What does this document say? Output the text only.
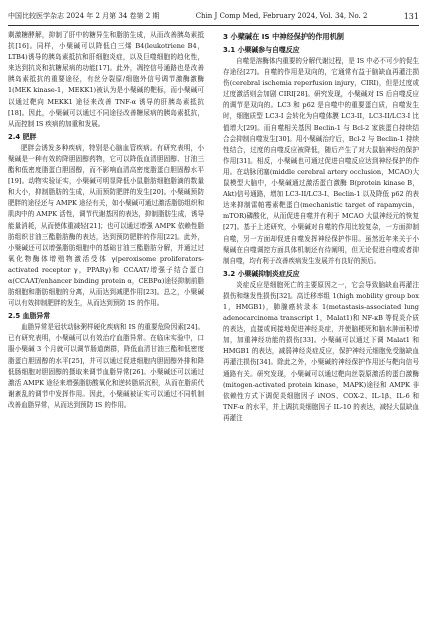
中国比较医学杂志 2024 年 2 月第 34 卷第 2 期	Chin J Comp Med, February 2024, Vol. 34, No. 2	131

剩激糖酵解，抑制了肝中的糖异生和脂肪生成，从而改善胰岛素抵抗[16]。同样，小檗碱可以降低白三烯 B4(leukotriene B4，LTB4)诱导的胰岛素抵抗和肝细胞炎症，以及巨噬细胞的趋化性，来达到抗炎和抗糖尿病的功能[17]。此外，凋控信号通路也是改善胰岛素抵抗的重要途径，有丝分裂原/细胞外信号调节激酶激酶 1(MEK kinase-1，MEKK1)被认为是小檗碱的靶标，而小檗碱可以通过靶向 MEKK1 途径来改善 TNF-α 诱导的肝胰岛素抵抗[18]。因此，小檗碱可以通过不同途径改善糖尿病的胰岛素抵抗，从而控制 IS 疾病的加重和发展。

2.4 肥胖

肥胖会诱发多种疾病，特别是心脑血管疾病。有研究表明，小檗碱是一种有效的降胆固醇药物，它可以降低血清胆固醇、甘油三酯和低密度脂蛋白胆固醇，而不影响血清高密度脂蛋白胆固醇水平[19]。动物实验证实，小檗碱可明显降低小鼠脂肪细胞脂滴的数量和大小，抑制脂肪的生成，从而预防肥胖的发生[20]。小檗碱预防肥胖的途径还与 AMPK 途径有关，如小檗碱可通过激活脂肪组织和肌肉中的 AMPK 活性，调节代谢基因的表达，抑制脂肪生成，诱导能量消耗，从而使体重减轻[21]；也可以通过增强 AMPK 依赖性脂肪组织甘油三酯脂肪酶的表达，达到预防肥胖的作用[22]。此外，小檗碱还可以增强脂肪细胞中的基础甘油三酯脂肪分解，并通过过氧化物酶体增殖物激活受体 γ(peroxisome proliferators-activated receptor γ，PPARγ)和 CCAAT/增强子结合蛋白 α(CCAAT/enhancer binding protein α，CEBPα)途径抑制前脂肪细胞和脂肪细胞的分离，从而达到减肥作用[23]。总之，小檗碱可以有效抑制肥胖的发生，从而达到预防 IS 的作用。

2.5 血脂异常

血脂异常是冠状动脉粥样硬化疾病和 IS 的重要危险因素[24]。已有研究表明，小檗碱可以有效治疗血脂异常。在临床实验中，口服小檗碱 3 个月就可以调节肠道菌群，降低血清甘油三酯和低密度脂蛋白胆固醇的水平[25]，并可以通过促进细胞内胆固醇外排和降低肠细胞对胆固醇的摄取来调节血脂异常[26]。小檗碱还可以通过激活 AMPK 途径来增强脂肪酸氧化和逆转脂质沉积，从而在脂质代谢紊乱的调节中发挥作用。因此，小檗碱被证实可以通过不同机制改善血脂异常，从而达到预防 IS 的作用。

3 小檗碱在 IS 中神经保护的作用机制
3.1 小檗碱参与自噬反应

自噬是溶酶体内重要的分解代谢过程，是 IS 中必不可少的促生存途径[27]。自噬的作用是双向的，它通常有益于脑缺血再灌注损伤(cerebral ischemia reperfusion injury，CIRI)，但是过度或过度激活则会加剧 CIRI[28]。研究发现，小檗碱对 IS 后自噬反应的调节是双向的。LC3 和 p62 是自噬中的重要蛋白质，自噬发生时，细胞质型 LC3-I 会转化为自噬体膜 LC3-II，LC3-II/LC3-I 比值增大[29]。而自噬相关基因 Beclin-1 与 Bcl-2 家族蛋白持续结合会抑制自噬发生[30]。用小檗碱治疗后，Bcl-2 与 Beclin-1 持续性结合，过度的自噬反应被降低，随后产生了对大鼠脑神经的保护作用[31]。相反，小檗碱也可通过促进自噬反应达到神经保护的作用。在动脉闭塞(middle cerebral artery occlusion，MCAO)大鼠模型大脑中，小檗碱通过激活蛋白激酶 B(protein kinase B，Akt)信号通路，增加 LC3-II/LC3-I、Beclin-1 以及降低 p62 的表达来抑制雷帕霉素靶蛋白(mechanistic target of rapamycin，mTOR)磷酸化，从而促进自噬并有利于 MCAO 大鼠神经元的恢复[27]。基于上述研究，小檗碱对自噬的作用比较复杂，一方面抑制自噬，另一方面却促进自噬发挥神经保护作用。虽然近年来关于小檗碱在自噬调控方面具体机制还有待阐明，但无论促进自噬或者抑制自噬，均有利于改善疾病发生发展并有良好的预后。

3.2 小檗碱抑制炎症反应

炎症反应是细胞死亡的主要原因之一，它会导致脑缺血再灌注损伤和继发性损伤[32]。高迁移率组 1(high mobility group box 1，HMGB1)，肺腺癌转录本 1(metastasis-associated lung adenocarcinoma transcript 1，Malat1)和 NF-κB 等促炎介质的表达，直接或间接地促进神经炎症，并使脑梗死和脑水肿面积增加，加重神经功能的损伤[33]。小檗碱可以通过下调 Malat1 和 HMGB1 的表达，减弱神经炎症反应，保护神经元细胞免受脑缺血再灌注损伤[34]。除此之外，小檗碱的神经保护作用还与靶向信号通路有关。研究发现，小檗碱可以通过靶向丝裂原激活的蛋白激酶(mitogen-activated protein kinase，MAPK)途径和 AMPK 非依赖性方式下调促炎细胞因子 iNOS、COX-2、IL-1β、IL-6 和 TNF-α 的水平，并上调抗炎细胞因子 IL-10 的表达，减轻大鼠缺血再灌注
